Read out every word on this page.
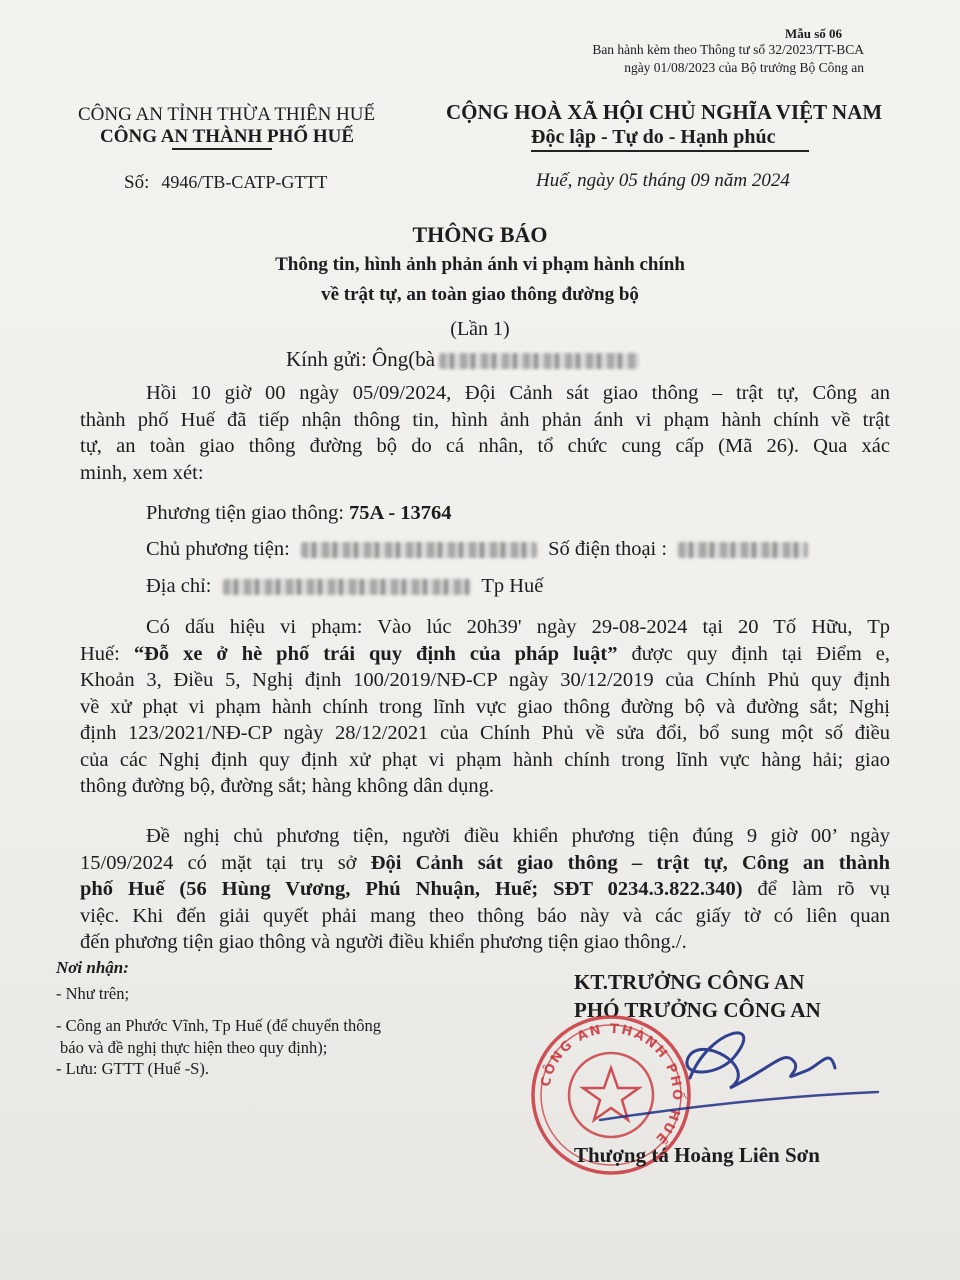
Mẫu số 06
Ban hành kèm theo Thông tư số 32/2023/TT-BCA
ngày 01/08/2023 của Bộ trưởng Bộ Công an
CÔNG AN TỈNH THỪA THIÊN HUẾ
CÔNG AN THÀNH PHỐ HUẾ
CỘNG HOÀ XÃ HỘI CHỦ NGHĨA VIỆT NAM
Độc lập - Tự do - Hạnh phúc
Số: 4946/TB-CATP-GTTT	Huế, ngày 05 tháng 09 năm 2024
THÔNG BÁO
Thông tin, hình ảnh phản ánh vi phạm hành chính
về trật tự, an toàn giao thông đường bộ
(Lần 1)
Kính gửi: Ông(bà
Hồi 10 giờ 00 ngày 05/09/2024, Đội Cảnh sát giao thông – trật tự, Công an
thành phố Huế đã tiếp nhận thông tin, hình ảnh phản ánh vi phạm hành chính về trật
tự, an toàn giao thông đường bộ do cá nhân, tổ chức cung cấp (Mã 26). Qua xác
minh, xem xét:
Phương tiện giao thông: 75A - 13764
Chủ phương tiện:	Số điện thoại :
Địa chỉ:	Tp Huế
Có dấu hiệu vi phạm: Vào lúc 20h39' ngày 29-08-2024 tại 20 Tố Hữu, Tp
Huế: “Đỗ xe ở hè phố trái quy định của pháp luật” được quy định tại Điểm e,
Khoản 3, Điều 5, Nghị định 100/2019/NĐ-CP ngày 30/12/2019 của Chính Phủ quy định
về xử phạt vi phạm hành chính trong lĩnh vực giao thông đường bộ và đường sắt; Nghị
định 123/2021/NĐ-CP ngày 28/12/2021 của Chính Phủ về sửa đổi, bổ sung một số điều
của các Nghị định quy định xử phạt vi phạm hành chính trong lĩnh vực hàng hải; giao
thông đường bộ, đường sắt; hàng không dân dụng.
Đề nghị chủ phương tiện, người điều khiển phương tiện đúng 9 giờ 00’ ngày
15/09/2024 có mặt tại trụ sở Đội Cảnh sát giao thông – trật tự, Công an thành
phố Huế (56 Hùng Vương, Phú Nhuận, Huế; SĐT 0234.3.822.340) để làm rõ vụ
việc. Khi đến giải quyết phải mang theo thông báo này và các giấy tờ có liên quan
đến phương tiện giao thông và người điều khiển phương tiện giao thông./.
Nơi nhận:
- Như trên;
- Công an Phước Vĩnh, Tp Huế (để chuyển thông
báo và đề nghị thực hiện theo quy định);
- Lưu: GTTT (Huế -S).
KT.TRƯỞNG CÔNG AN
PHÓ TRƯỞNG CÔNG AN
CÔNG AN THÀNH PHỐ HUẾ
Thượng tá Hoàng Liên Sơn
